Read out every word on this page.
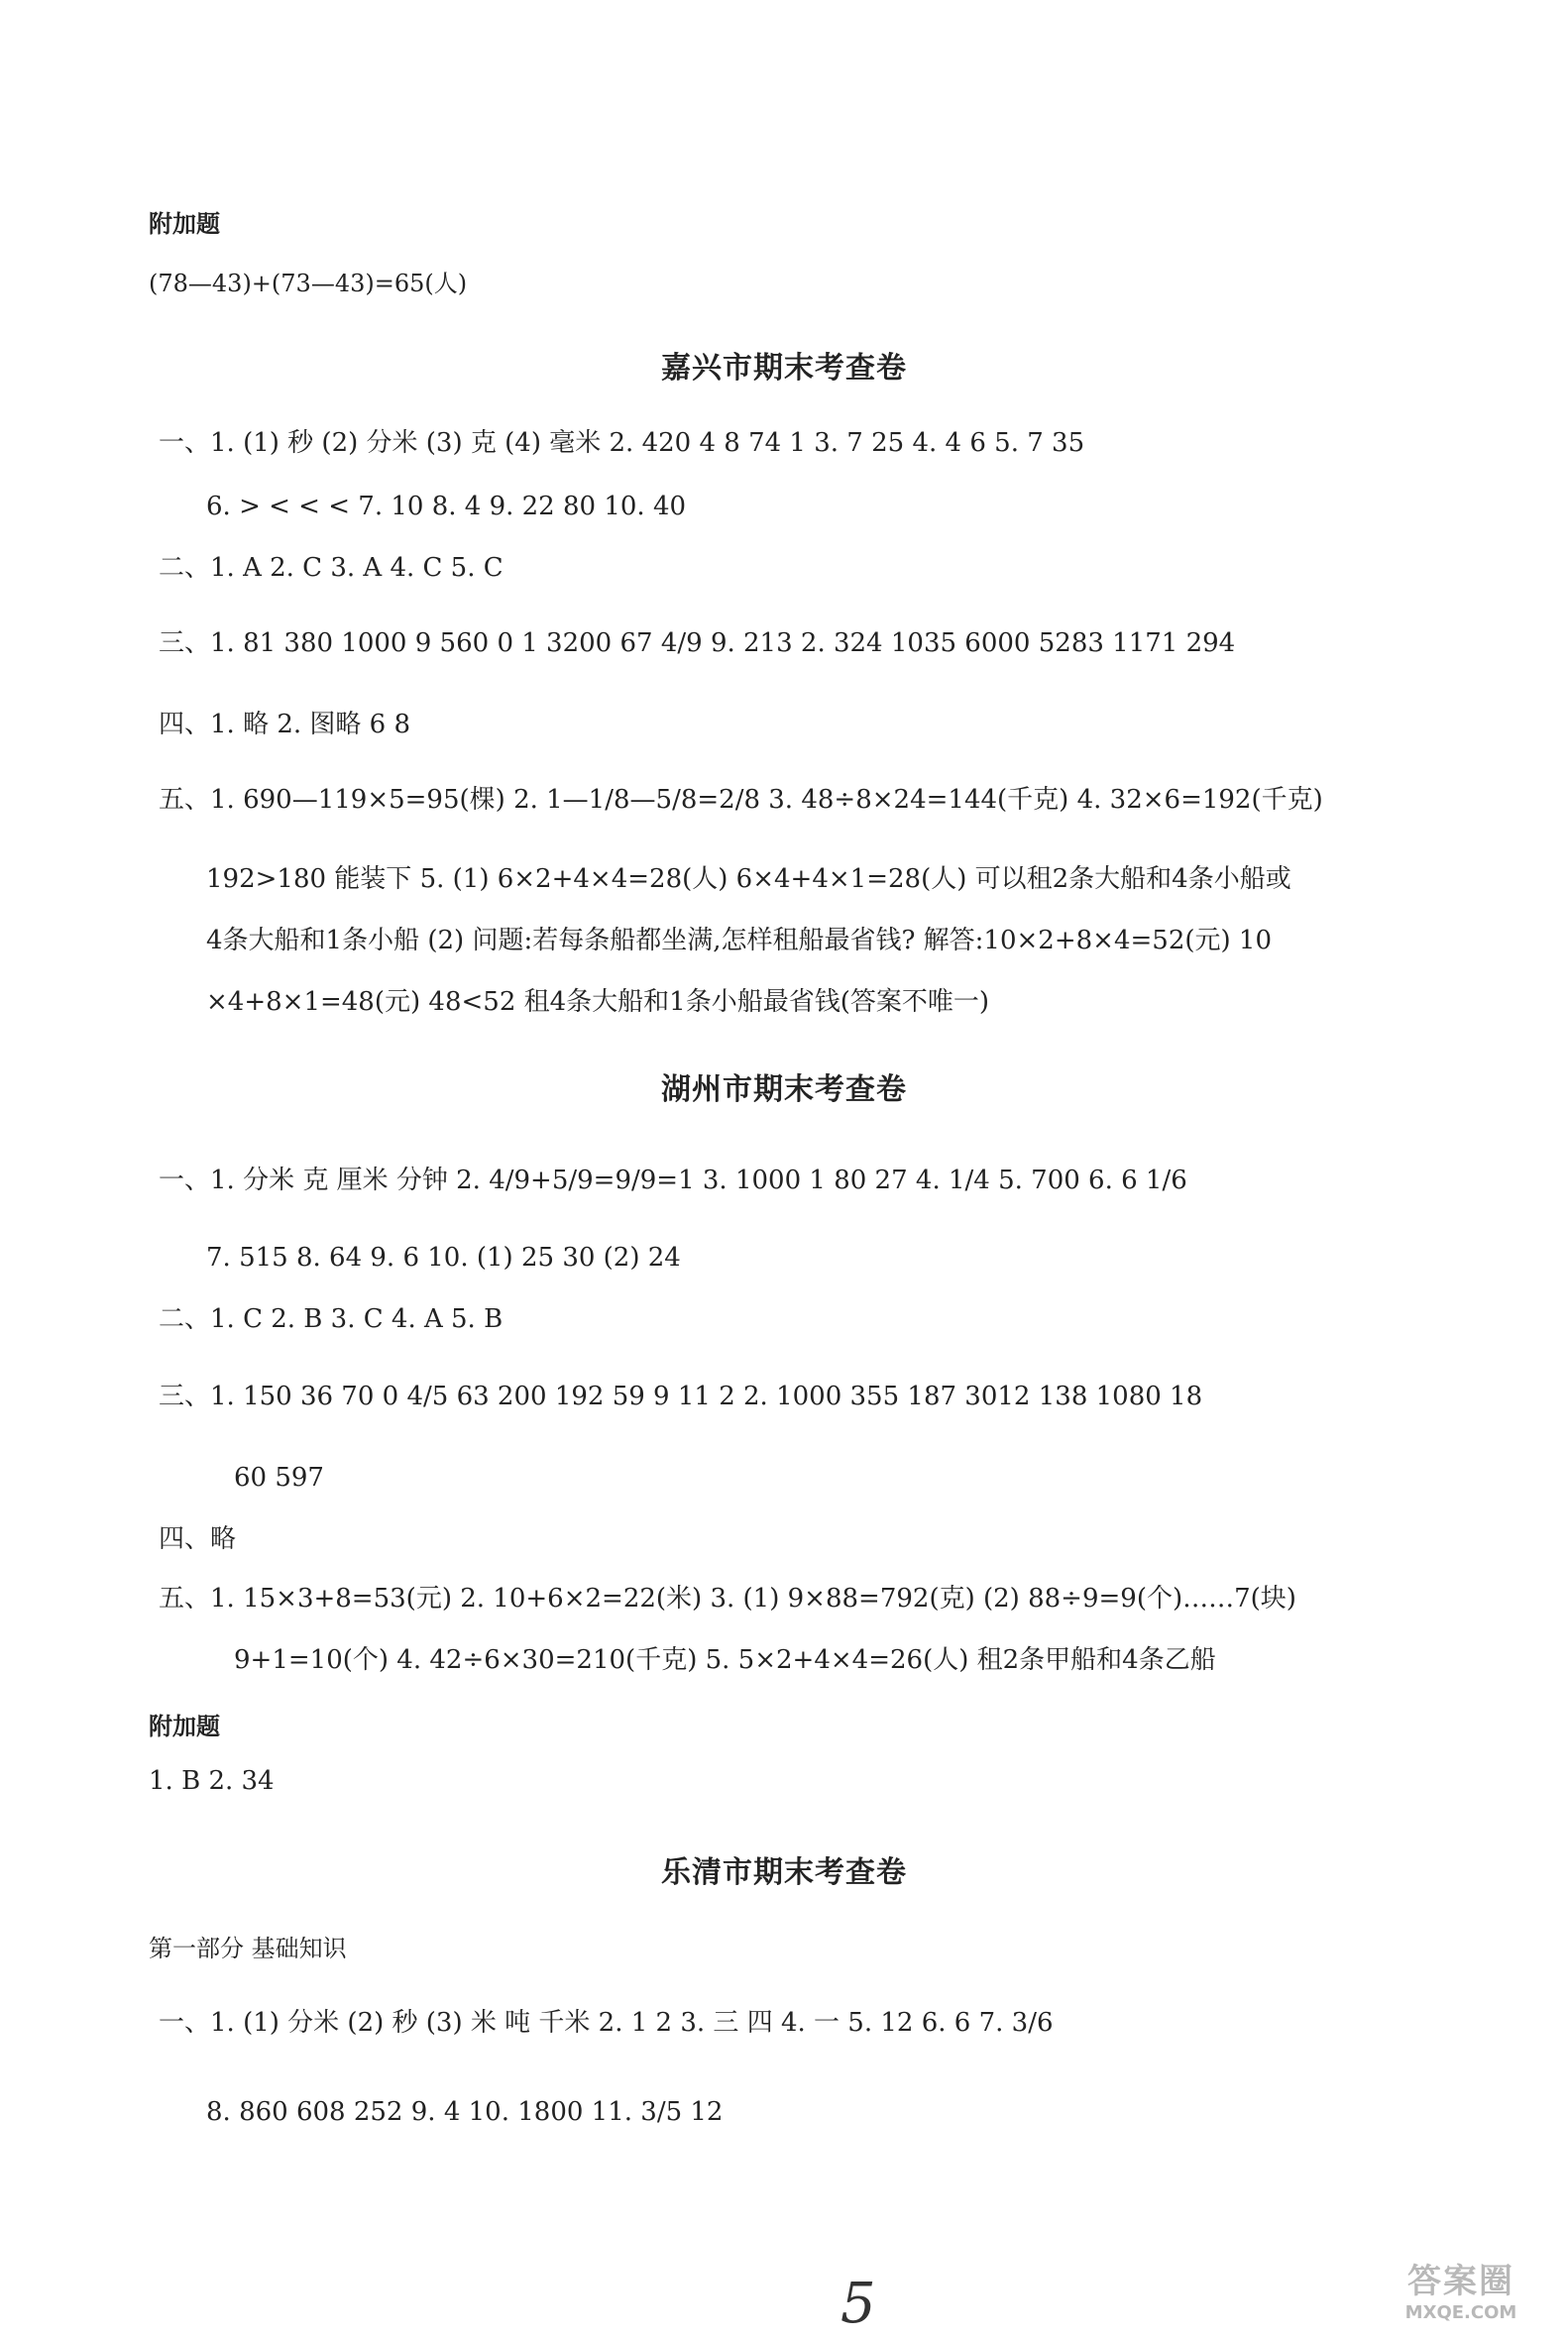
附加题
(78—43)+(73—43)=65(人)
嘉兴市期末考查卷
一、1. (1) 秒 (2) 分米 (3) 克 (4) 毫米 2. 420 4 8 74 1 3. 7 25 4. 4 6 5. 7 35
6. > < < < 7. 10 8. 4 9. 22 80 10. 40
二、1. A 2. C 3. A 4. C 5. C
三、1. 81 380 1000 9 560 0 1 3200 67 4/9 9. 213 2. 324 1035 6000 5283 1171 294
四、1. 略 2. 图略 6 8
五、1. 690—119×5=95(棵) 2. 1—1/8—5/8=2/8 3. 48÷8×24=144(千克) 4. 32×6=192(千克)
192>180 能装下 5. (1) 6×2+4×4=28(人) 6×4+4×1=28(人) 可以租2条大船和4条小船或
4条大船和1条小船 (2) 问题:若每条船都坐满,怎样租船最省钱? 解答:10×2+8×4=52(元) 10
×4+8×1=48(元) 48<52 租4条大船和1条小船最省钱(答案不唯一)
湖州市期末考查卷
一、1. 分米 克 厘米 分钟 2. 4/9+5/9=9/9=1 3. 1000 1 80 27 4. 1/4 5. 700 6. 6 1/6
7. 515 8. 64 9. 6 10. (1) 25 30 (2) 24
二、1. C 2. B 3. C 4. A 5. B
三、1. 150 36 70 0 4/5 63 200 192 59 9 11 2 2. 1000 355 187 3012 138 1080 18
60 597
四、略
五、1. 15×3+8=53(元) 2. 10+6×2=22(米) 3. (1) 9×88=792(克) (2) 88÷9=9(个)……7(块)
9+1=10(个) 4. 42÷6×30=210(千克) 5. 5×2+4×4=26(人) 租2条甲船和4条乙船
附加题
1. B 2. 34
乐清市期末考查卷
第一部分 基础知识
一、1. (1) 分米 (2) 秒 (3) 米 吨 千米 2. 1 2 3. 三 四 4. 一 5. 12 6. 6 7. 3/6
8. 860 608 252 9. 4 10. 1800 11. 3/5 12
5	答案圈
MXQE.COM
